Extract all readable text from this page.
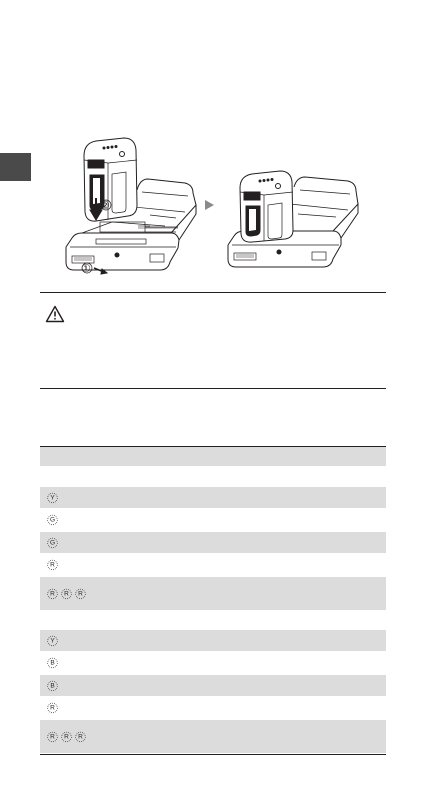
②
①
Y
G
G
R
R	R	R
Y
B
B
R
R	R	R
